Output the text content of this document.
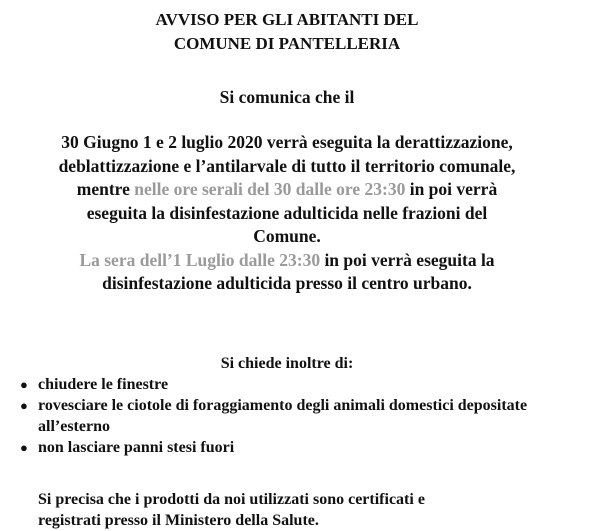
AVVISO PER GLI ABITANTI DEL
COMUNE DI PANTELLERIA
Si comunica che il
30 Giugno 1 e 2 luglio 2020 verrà eseguita la derattizzazione,
deblattizzazione e l’antilarvale di tutto il territorio comunale,
mentre nelle ore serali del 30 dalle ore 23:30 in poi verrà
eseguita la disinfestazione adulticida nelle frazioni del
Comune.
La sera dell’1 Luglio dalle 23:30 in poi verrà eseguita la
disinfestazione adulticida presso il centro urbano.
Si chiede inoltre di:
● chiudere le finestre
● rovesciare le ciotole di foraggiamento degli animali domestici depositate all’esterno
● non lasciare panni stesi fuori
Si precisa che i prodotti da noi utilizzati sono certificati e
registrati presso il Ministero della Salute.
